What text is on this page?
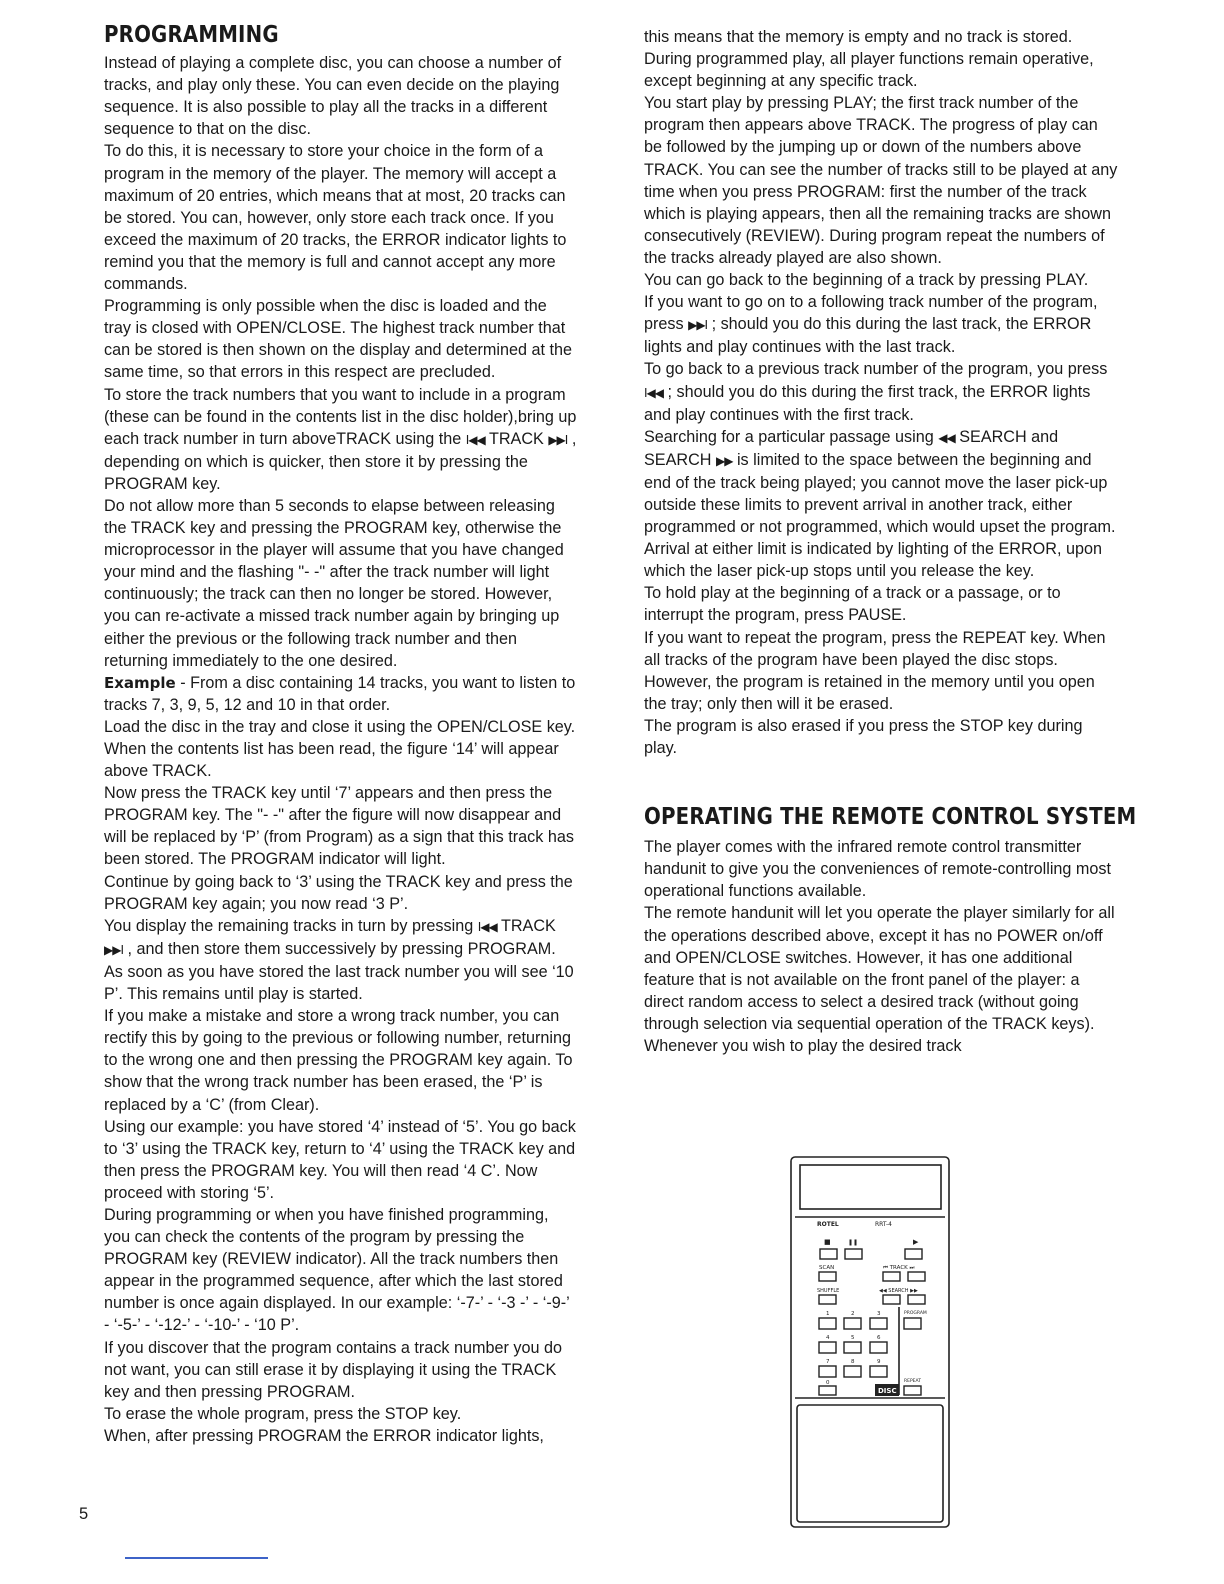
PROGRAMMING

Instead of playing a complete disc, you can choose a number of tracks, and play only these. You can even decide on the playing sequence. It is also possible to play all the tracks in a different sequence to that on the disc.

To do this, it is necessary to store your choice in the form of a program in the memory of the player. The memory will accept a maximum of 20 entries, which means that at most, 20 tracks can be stored. You can, however, only store each track once. If you exceed the maximum of 20 tracks, the ERROR indicator lights to remind you that the memory is full and cannot accept any more commands.

Programming is only possible when the disc is loaded and the tray is closed with OPEN/CLOSE. The highest track number that can be stored is then shown on the display and determined at the same time, so that errors in this respect are precluded.

To store the track numbers that you want to include in a program (these can be found in the contents list in the disc holder),bring up each track number in turn aboveTRACK using the I◀◀ TRACK ▶▶I , depending on which is quicker, then store it by pressing the PROGRAM key.

Do not allow more than 5 seconds to elapse between releasing the TRACK key and pressing the PROGRAM key, otherwise the microprocessor in the player will assume that you have changed your mind and the flashing "- -" after the track number will light continuously; the track can then no longer be stored. However, you can re-activate a missed track number again by bringing up either the previous or the following track number and then returning immediately to the one desired.

Example - From a disc containing 14 tracks, you want to listen to tracks 7, 3, 9, 5, 12 and 10 in that order.

Load the disc in the tray and close it using the OPEN/CLOSE key.

When the contents list has been read, the figure ‘14’ will appear above TRACK.

Now press the TRACK key until ‘7’ appears and then press the PROGRAM key. The "- -" after the figure will now disappear and will be replaced by ‘P’ (from Program) as a sign that this track has been stored. The PROGRAM indicator will light.

Continue by going back to ‘3’ using the TRACK key and press the PROGRAM key again; you now read ‘3 P’.

You display the remaining tracks in turn by pressing I◀◀ TRACK ▶▶I , and then store them successively by pressing PROGRAM. As soon as you have stored the last track number you will see ‘10 P’. This remains until play is started.

If you make a mistake and store a wrong track number, you can rectify this by going to the previous or following number, returning to the wrong one and then pressing the PROGRAM key again. To show that the wrong track number has been erased, the ‘P’ is replaced by a ‘C’ (from Clear).

Using our example: you have stored ‘4’ instead of ‘5’. You go back to ‘3’ using the TRACK key, return to ‘4’ using the TRACK key and then press the PROGRAM key. You will then read ‘4 C’. Now proceed with storing ‘5’.

During programming or when you have finished programming, you can check the contents of the program by pressing the PROGRAM key (REVIEW indicator). All the track numbers then appear in the programmed sequence, after which the last stored number is once again displayed. In our example: ‘-7-’ - ‘-3 -’ - ‘-9-’ - ‘-5-’ - ‘-12-’ - ‘-10-’ - ‘10 P’.

If you discover that the program contains a track number you do not want, you can still erase it by displaying it using the TRACK key and then pressing PROGRAM.

To erase the whole program, press the STOP key.

When, after pressing PROGRAM the ERROR indicator lights,

5

this means that the memory is empty and no track is stored.

During programmed play, all player functions remain operative, except beginning at any specific track.

You start play by pressing PLAY; the first track number of the program then appears above TRACK. The progress of play can be followed by the jumping up or down of the numbers above TRACK. You can see the number of tracks still to be played at any time when you press PROGRAM: first the number of the track which is playing appears, then all the remaining tracks are shown consecutively (REVIEW). During program repeat the numbers of the tracks already played are also shown.

You can go back to the beginning of a track by pressing PLAY.

If you want to go on to a following track number of the program, press ▶▶I ; should you do this during the last track, the ERROR lights and play continues with the last track.

To go back to a previous track number of the program, you press I◀◀ ; should you do this during the first track, the ERROR lights and play continues with the first track.

Searching for a particular passage using ◀◀ SEARCH and SEARCH ▶▶ is limited to the space between the beginning and end of the track being played; you cannot move the laser pick-up outside these limits to prevent arrival in another track, either programmed or not programmed, which would upset the program. Arrival at either limit is indicated by lighting of the ERROR, upon which the laser pick-up stops until you release the key.

To hold play at the beginning of a track or a passage, or to interrupt the program, press PAUSE.

If you want to repeat the program, press the REPEAT key. When all tracks of the program have been played the disc stops. However, the program is retained in the memory until you open the tray; only then will it be erased.

The program is also erased if you press the STOP key during play.

OPERATING THE REMOTE CONTROL SYSTEM

The player comes with the infrared remote control transmitter handunit to give you the conveniences of remote-controlling most operational functions available.

The remote handunit will let you operate the player similarly for all the operations described above, except it has no POWER on/off and OPEN/CLOSE switches. However, it has one additional feature that is not available on the front panel of the player: a direct random access to select a desired track (without going through selection via sequential operation of the TRACK keys). Whenever you wish to play the desired track

ROTEL	RRT-4
■	❚❚	▶
SCAN	⏮ TRACK ⏭
SHUFFLE	◀◀ SEARCH ▶▶
1	2	3
4	5	6
7	8	9
0
PROGRAM
REPEAT
DISC
